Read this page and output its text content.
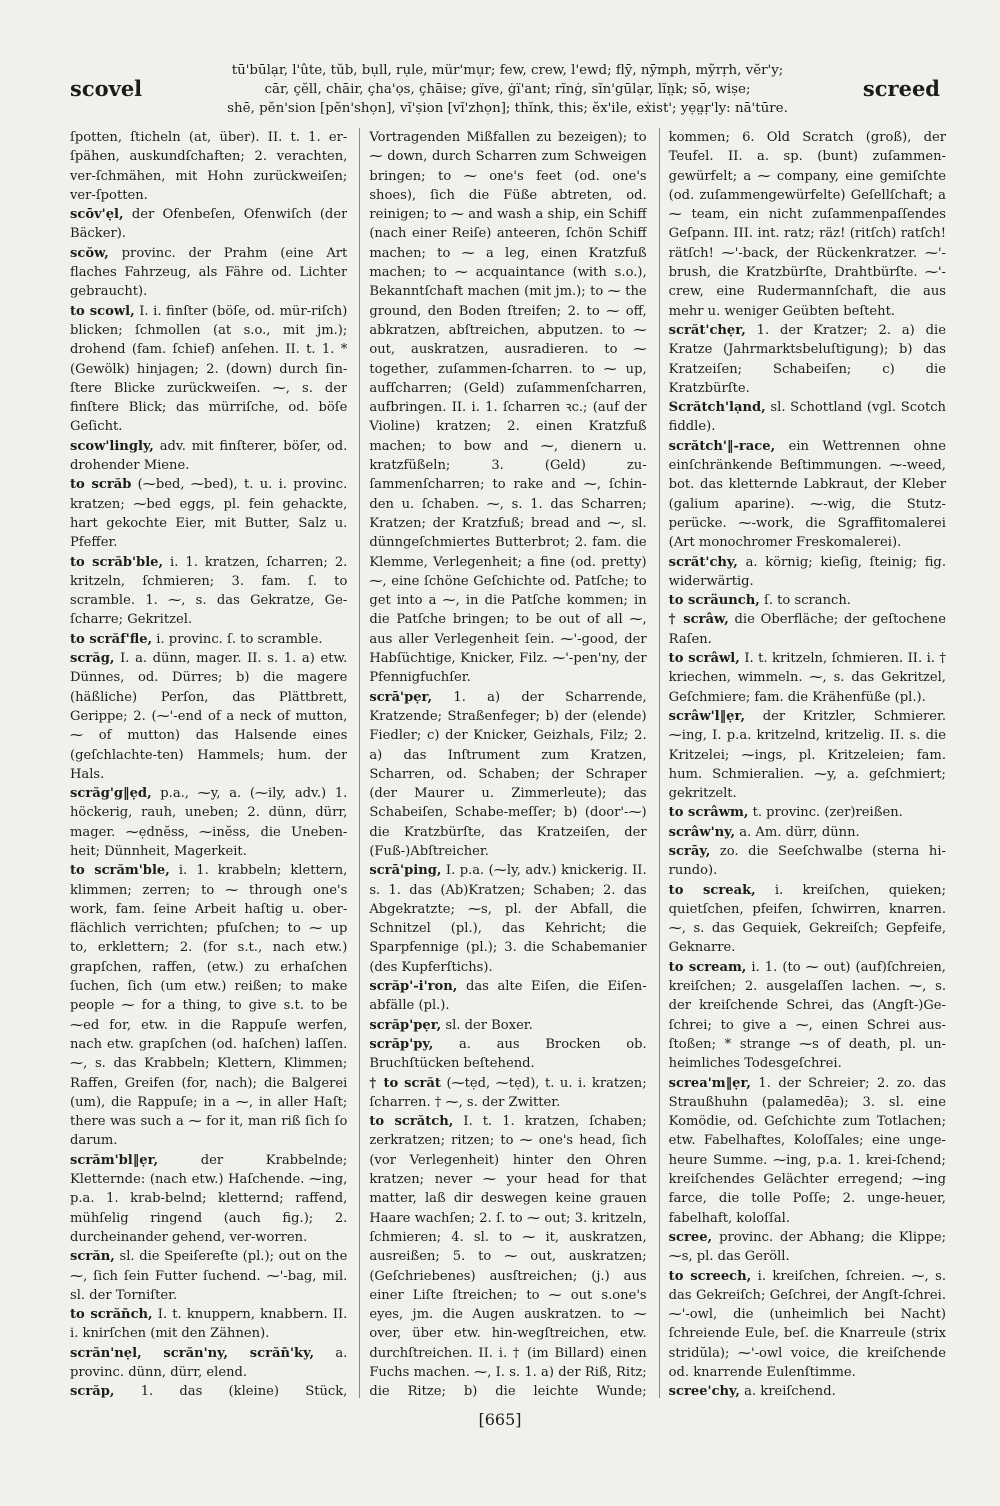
scovel
tū'būlạr, l'ûte, tŭb, bụll, rụle, mür'mụr; few, crew, l'ewd; flȳ, nȳmph, mỹrṛh, vĕr'y;
cār, çĕll, chāir, çha'ọs, çhāise; gïve, ġï'ant; rĭnġ, sĭn'gūlạr, lĭn̤k; sō, wiṣe;
shē, pĕn'sion [pĕn'shọn], vĭ'ṣion [vĭ'zhọn]; thĭnk, this; ĕx'ile, eẋist'; yẹa̤ṛ'ly: nā'tūre.
screed

ſpotten, ſticheln (at, über). II. t. 1. er-ſpähen, auskundſchaften; 2. verachten, ver-ſchmähen, mit Hohn zurückweiſen; ver-ſpotten.

scōv'ẹl, der Ofenbeſen, Ofenwiſch (der Bäcker).

scŏw, provinc. der Prahm (eine Art flaches Fahrzeug, als Fähre od. Lichter gebraucht).

to scowl, I. i. finſter (böſe, od. mür-riſch) blicken; ſchmollen (at s.o., mit jm.); drohend (fam. ſchief) anſehen. II. t. 1. * (Gewölk) hinjagen; 2. (down) durch ſin-ſtere Blicke zurückweiſen. ⁓, s. der finſtere Blick; das mürriſche, od. böſe Geſicht.

scow'lingly, adv. mit finſterer, böſer, od. drohender Miene.

to scrăb (⁓bed, ⁓bed), t. u. i. provinc. kratzen; ⁓bed eggs, pl. fein gehackte, hart gekochte Eier, mit Butter, Salz u. Pfeffer.

to scrăb'ble, i. 1. kratzen, ſcharren; 2. kritzeln, ſchmieren; 3. fam. ſ. to scramble. 1. ⁓, s. das Gekratze, Ge-ſcharre; Gekritzel.

to scrăf'fle, i. provinc. ſ. to scramble.

scrăg, I. a. dünn, mager. II. s. 1. a) etw. Dünnes, od. Dürres; b) die magere (häßliche) Perſon, das Plättbrett, Gerippe; 2. (⁓'-end of a neck of mutton, ⁓ of mutton) das Halsende eines (geſchlachte-ten) Hammels; hum. der Hals.

scrăg'g‖ẹd, p.a., ⁓y, a. (⁓ily, adv.) 1. höckerig, rauh, uneben; 2. dünn, dürr, mager. ⁓ẹdnĕss, ⁓inĕss, die Uneben-heit; Dünnheit, Magerkeit.

to scrăm'ble, i. 1. krabbeln; klettern, klimmen; zerren; to ⁓ through one's work, fam. ſeine Arbeit haſtig u. ober-flächlich verrichten; pfuſchen; to ⁓ up to, erklettern; 2. (for s.t., nach etw.) grapſchen, raffen, (etw.) zu erhaſchen ſuchen, ſich (um etw.) reißen; to make people ⁓ for a thing, to give s.t. to be ⁓ed for, etw. in die Rappuſe werfen, nach etw. grapſchen (od. haſchen) laſſen. ⁓, s. das Krabbeln; Klettern, Klimmen; Raffen, Greifen (for, nach); die Balgerei (um), die Rappuſe; in a ⁓, in aller Haſt; there was such a ⁓ for it, man riß ſich ſo darum.

scrăm'bl‖ẹr,	der Krabbelnde; Kletternde: (nach etw.) Haſchende. ⁓ing, p.a. 1. krab-belnd; kletternd; raffend, mühſelig ringend (auch fig.); 2. durcheinander gehend, ver-worren.

scrăn, sl. die Speiſereſte (pl.); out on the ⁓, ſich ſein Futter ſuchend. ⁓'-bag, mil. sl. der Torniſter.

to scrăn̄ch, I. t. knuppern, knabbern. II. i. knirſchen (mit den Zähnen).

scrăn'nẹl, scrăn'ny, scrăn̄'ky, a. provinc. dünn, dürr, elend.

scrăp, 1. das (kleine) Stück,

Vortragenden Mißfallen zu bezeigen); to ⁓ down, durch Scharren zum Schweigen bringen; to ⁓ one's feet (od. one's shoes), ſich die Füße abtreten, od. reinigen; to ⁓ and wash a ship, ein Schiff (nach einer Reiſe) anteeren, ſchön Schiff machen; to ⁓ a leg, einen Kratzfuß machen; to ⁓ acquaintance (with s.o.), Bekanntſchaft machen (mit jm.); to ⁓ the ground, den Boden ſtreifen; 2. to ⁓ off, abkratzen, abſtreichen, abputzen. to ⁓ out, auskratzen, ausradieren. to ⁓ together, zuſammen-ſcharren. to ⁓ up, aufſcharren; (Geld) zuſammenſcharren, aufbringen. II. i. 1. ſcharren ꝛc.; (auf der Violine) kratzen; 2. einen Kratzfuß machen; to bow and ⁓, dienern u. kratzfüßeln; 3. (Geld) zu-ſammenſcharren; to rake and ⁓, ſchin-den u. ſchaben. ⁓, s. 1. das Scharren; Kratzen; der Kratzfuß; bread and ⁓, sl. dünngeſchmiertes Butterbrot; 2. fam. die Klemme, Verlegenheit; a fine (od. pretty) ⁓, eine ſchöne Geſchichte od. Patſche; to get into a ⁓, in die Patſche kommen; in die Patſche bringen; to be out of all ⁓, aus aller Verlegenheit ſein. ⁓'-good, der Habſüchtige, Knicker, Filz. ⁓'-pen'ny, der Pfennigfuchſer.

scrā'pẹr, 1. a) der Scharrende, Kratzende; Straßenfeger; b) der (elende) Fiedler; c) der Knicker, Geizhals, Filz; 2. a) das Inſtrument zum Kratzen, Scharren, od. Schaben; der Schraper (der Maurer u. Zimmerleute); das Schabeiſen, Schabe-meſſer; b) (door'-⁓) die Kratzbürſte, das Kratzeiſen, der (Fuß-)Abſtreicher.

scrā'ping, I. p.a. (⁓ly, adv.) knickerig. II. s. 1. das (Ab)Kratzen; Schaben; 2. das Abgekratzte; ⁓s, pl. der Abfall, die Schnitzel (pl.), das Kehricht; die Sparpfennige (pl.); 3. die Schabemanier (des Kupferſtichs).

scrăp'-i'ron, das alte Eiſen, die Eiſen-abfälle (pl.).

scrăp'pẹr, sl. der Boxer.

scrăp'py, a. aus Brocken ob. Bruchſtücken beſtehend.

† to scrăt (⁓tẹd, ⁓tẹd), t. u. i. kratzen; ſcharren. † ⁓, s. der Zwitter.

to scrătch, I. t. 1. kratzen, ſchaben; zerkratzen; ritzen; to ⁓ one's head, ſich (vor Verlegenheit) hinter den Ohren kratzen; never ⁓ your head for that matter, laß dir deswegen keine grauen Haare wachſen; 2. ſ. to ⁓ out; 3. kritzeln, ſchmieren; 4. sl. to ⁓ it, auskratzen, ausreißen; 5. to ⁓ out, auskratzen; (Geſchriebenes) ausſtreichen; (j.) aus einer Liſte ſtreichen; to ⁓ out s.one's eyes, jm. die Augen auskratzen. to ⁓ over, über etw. hin-wegſtreichen, etw. durchſtreichen. II. i. † (im Billard) einen Fuchs machen. ⁓, I. s. 1. a) der Riß, Ritz; die Ritze; b) die leichte Wunde;

kommen; 6. Old Scratch (groß), der Teufel. II. a. sp. (bunt) zuſammen-gewürfelt; a ⁓ company, eine gemiſchte (od. zuſammengewürfelte) Geſellſchaft; a ⁓ team, ein nicht zuſammenpaſſendes Geſpann. III. int. ratz; räz! (ritſch) ratſch! rätſch! ⁓'-back, der Rückenkratzer. ⁓'-brush, die Kratzbürſte, Drahtbürſte. ⁓'-crew, eine Rudermannſchaft, die aus mehr u. weniger Geübten beſteht.

scrăt'chẹr, 1. der Kratzer; 2. a) die Kratze (Jahrmarktsbeluſtigung); b) das Kratzeiſen; Schabeiſen; c) die Kratzbürſte.

Scrătch'lạnd, sl. Schottland (vgl. Scotch fiddle).

scrătch'‖-race, ein Wettrennen ohne einſchränkende Beſtimmungen. ⁓-weed, bot. das kletternde Labkraut, der Kleber (galium aparine). ⁓-wig, die Stutz-perücke. ⁓-work, die Sgraffitomalerei (Art monochromer Freskomalerei).

scrăt'chy, a. körnig; kieſig, ſteinig; fig. widerwärtig.

to scräunch, ſ. to scranch.

† scrâw, die Oberfläche; der geſtochene Raſen.

to scrâwl, I. t. kritzeln, ſchmieren. II. i. † kriechen, wimmeln. ⁓, s. das Gekritzel, Geſchmiere; fam. die Krähenfüße (pl.).

scrâw'l‖ẹr, der Kritzler, Schmierer. ⁓ing, I. p.a. kritzelnd, kritzelig. II. s. die Kritzelei; ⁓ings, pl. Kritzeleien; fam. hum. Schmieralien. ⁓y, a. geſchmiert; gekritzelt.

to scrâwm, t. provinc. (zer)reißen.

scrâw'ny, a. Am. dürr, dünn.

scrāy, zo. die Seeſchwalbe (sterna hi-rundo).

to screak, i. kreiſchen, quieken; quietſchen, pfeifen, ſchwirren, knarren. ⁓, s. das Gequiek, Gekreiſch; Gepfeife, Geknarre.

to scream, i. 1. (to ⁓ out) (auf)ſchreien, kreiſchen; 2. ausgelaſſen lachen. ⁓, s. der kreiſchende Schrei, das (Angſt-)Ge-ſchrei; to give a ⁓, einen Schrei aus-ſtoßen; * strange ⁓s of death, pl. un-heimliches Todesgeſchrei.

screa'm‖ẹr, 1. der Schreier; 2. zo. das Straußhuhn (palamedēa); 3. sl. eine Komödie, od. Geſchichte zum Totlachen; etw. Fabelhaftes, Koloſſales; eine unge-heure Summe. ⁓ing, p.a. 1. krei-ſchend; kreiſchendes Gelächter erregend; ⁓ing farce, die tolle Poſſe; 2. unge-heuer, fabelhaft, koloſſal.

scree, provinc. der Abhang; die Klippe; ⁓s, pl. das Geröll.

to screech, i. kreiſchen, ſchreien. ⁓, s. das Gekreiſch; Geſchrei, der Angſt-ſchrei. ⁓'-owl, die (unheimlich bei Nacht) ſchreiende Eule, beſ. die Knarreule (strix stridŭla); ⁓'-owl voice, die kreiſchende od. knarrende Eulenſtimme.

scree'chy, a. kreiſchend.

[665]
